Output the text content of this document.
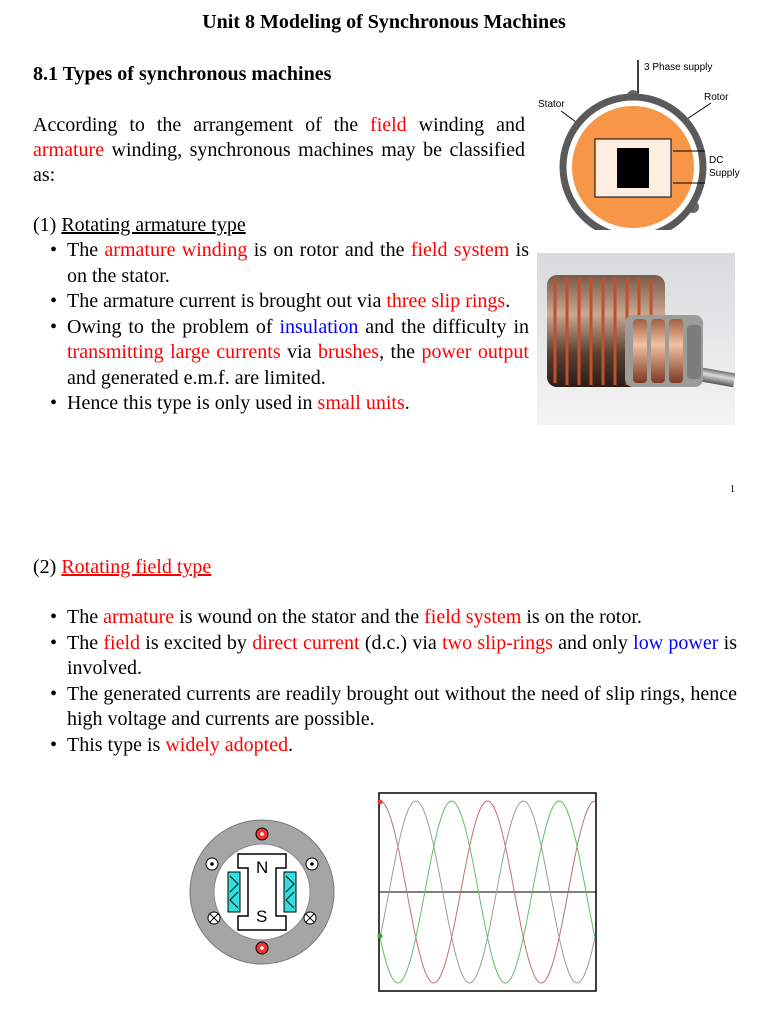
Unit 8 Modeling of Synchronous Machines
8.1 Types of synchronous machines
According to the arrangement of the field winding and armature winding, synchronous machines may be classified as:
(1) Rotating armature type
• The armature winding is on rotor and the field system is on the stator.
• The armature current is brought out via three slip rings.
• Owing to the problem of insulation and the difficulty in transmitting large currents via brushes, the power output and generated e.m.f. are limited.
• Hence this type is only used in small units.
3 Phase supply
Stator
Rotor
DC
Supply
1
(2) Rotating field type
• The armature is wound on the stator and the field system is on the rotor.
• The field is excited by direct current (d.c.) via two slip-rings and only low power is involved.
• The generated currents are readily brought out without the need of slip rings, hence high voltage and currents are possible.
• This type is widely adopted.
N
S
